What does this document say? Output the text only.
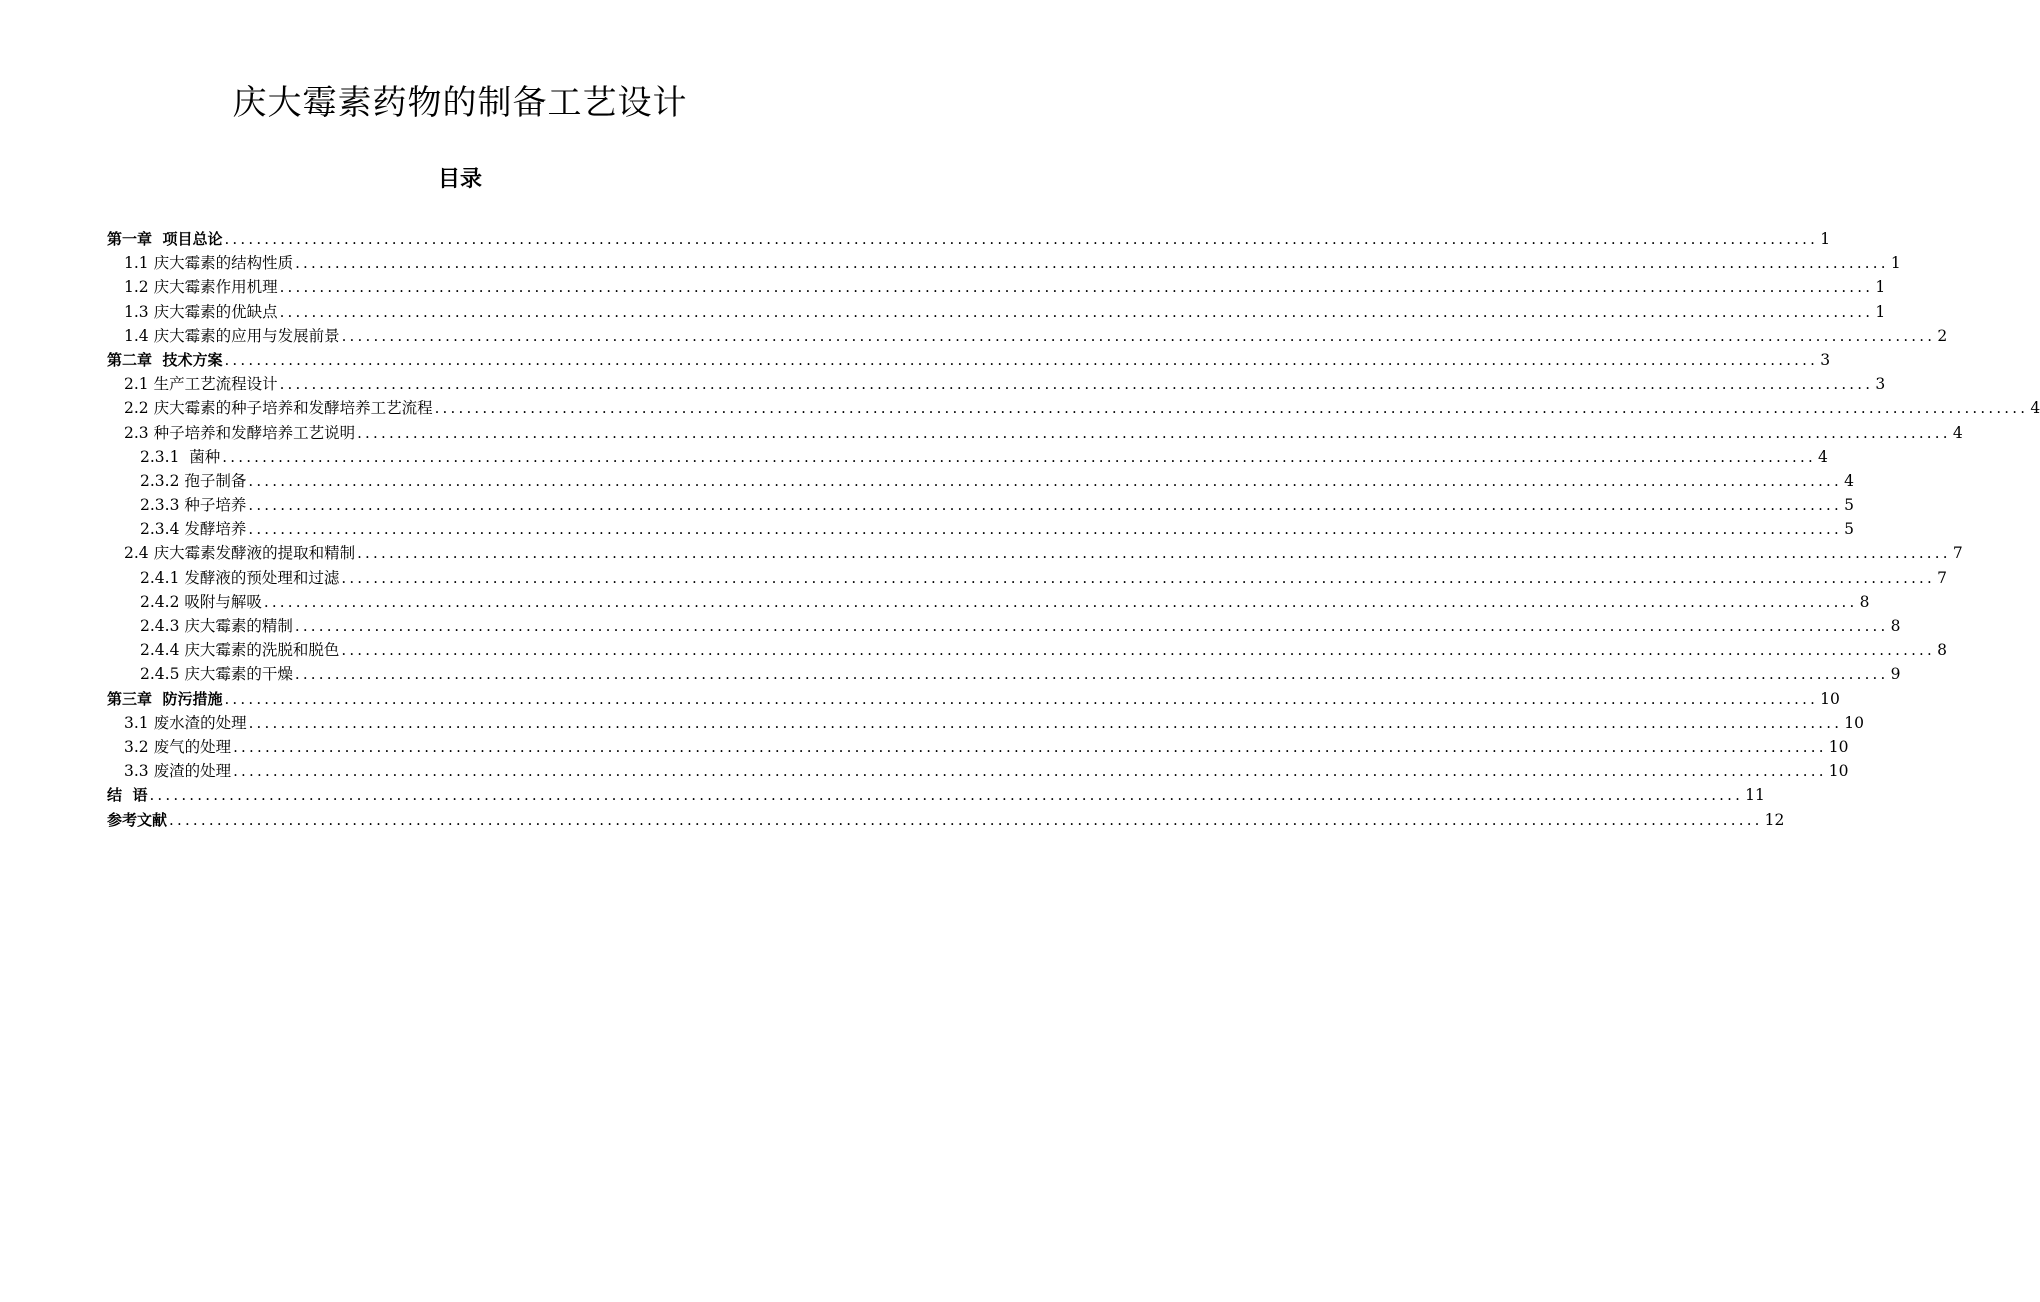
庆大霉素药物的制备工艺设计
目录
第一章  项目总论 ........................................................................................................................................................................................................ 1
1.1 庆大霉素的结构性质 ........................................................................................................................................................................................................ 1
1.2 庆大霉素作用机理 ........................................................................................................................................................................................................ 1
1.3 庆大霉素的优缺点 ........................................................................................................................................................................................................ 1
1.4 庆大霉素的应用与发展前景 ........................................................................................................................................................................................................ 2
第二章  技术方案 ........................................................................................................................................................................................................ 3
2.1 生产工艺流程设计 ........................................................................................................................................................................................................ 3
2.2 庆大霉素的种子培养和发酵培养工艺流程 ........................................................................................................................................................................................................ 4
2.3 种子培养和发酵培养工艺说明 ........................................................................................................................................................................................................ 4
2.3.1  菌种 ........................................................................................................................................................................................................ 4
2.3.2 孢子制备 ........................................................................................................................................................................................................ 4
2.3.3 种子培养 ........................................................................................................................................................................................................ 5
2.3.4 发酵培养 ........................................................................................................................................................................................................ 5
2.4 庆大霉素发酵液的提取和精制 ........................................................................................................................................................................................................ 7
2.4.1 发酵液的预处理和过滤 ........................................................................................................................................................................................................ 7
2.4.2 吸附与解吸 ........................................................................................................................................................................................................ 8
2.4.3 庆大霉素的精制 ........................................................................................................................................................................................................ 8
2.4.4 庆大霉素的洗脱和脱色 ........................................................................................................................................................................................................ 8
2.4.5 庆大霉素的干燥 ........................................................................................................................................................................................................ 9
第三章  防污措施 ........................................................................................................................................................................................................ 10
3.1 废水渣的处理 ........................................................................................................................................................................................................ 10
3.2 废气的处理 ........................................................................................................................................................................................................ 10
3.3 废渣的处理 ........................................................................................................................................................................................................ 10
结  语 ........................................................................................................................................................................................................ 11
参考文献 ........................................................................................................................................................................................................ 12
